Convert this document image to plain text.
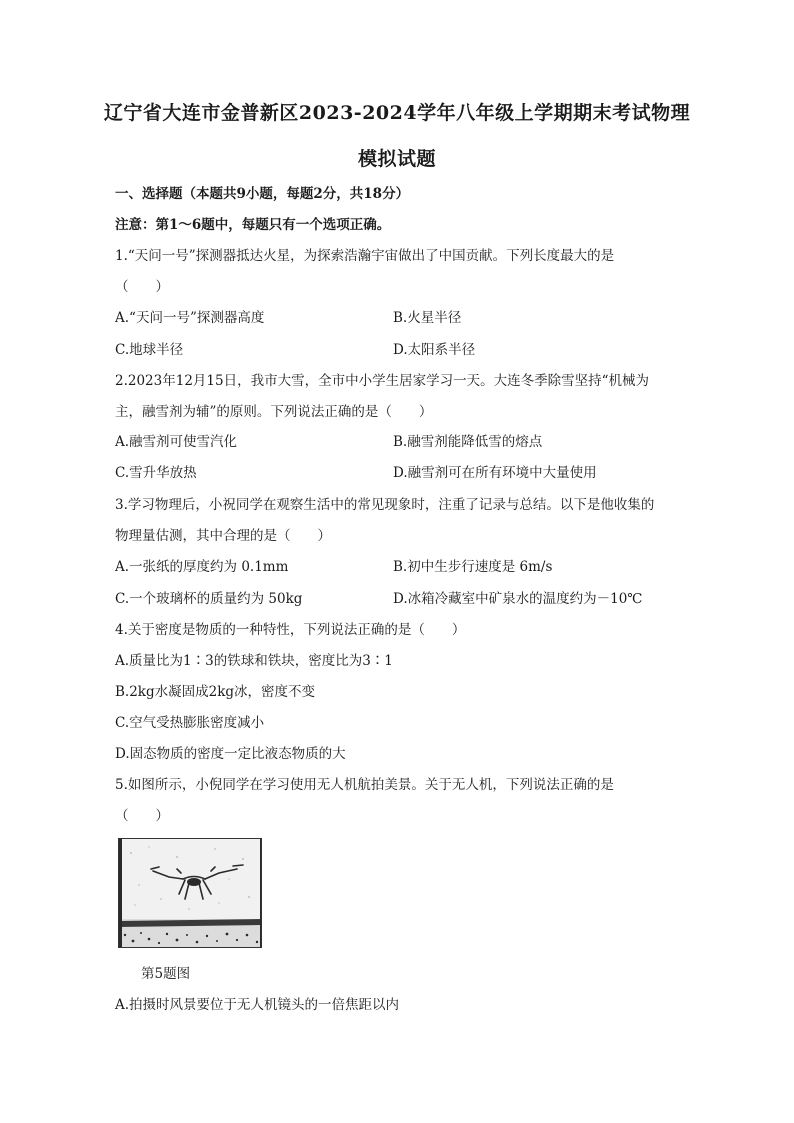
辽宁省大连市金普新区2023-2024学年八年级上学期期末考试物理
模拟试题
一、选择题（本题共9小题，每题2分，共18分）
注意：第1～6题中，每题只有一个选项正确。
1.“天问一号”探测器抵达火星，为探索浩瀚宇宙做出了中国贡献。下列长度最大的是
（　　）
A.“天问一号”探测器高度	B.火星半径
C.地球半径	D.太阳系半径
2.2023年12月15日，我市大雪，全市中小学生居家学习一天。大连冬季除雪坚持“机械为
主，融雪剂为辅”的原则。下列说法正确的是（　　）
A.融雪剂可使雪汽化	B.融雪剂能降低雪的熔点
C.雪升华放热	D.融雪剂可在所有环境中大量使用
3.学习物理后，小祝同学在观察生活中的常见现象时，注重了记录与总结。以下是他收集的
物理量估测，其中合理的是（　　）
A.一张纸的厚度约为 0.1mm	B.初中生步行速度是 6m/s
C.一个玻璃杯的质量约为 50kg	D.冰箱冷藏室中矿泉水的温度约为－10℃
4.关于密度是物质的一种特性，下列说法正确的是（　　）
A.质量比为1∶3的铁球和铁块，密度比为3∶1
B.2kg水凝固成2kg冰，密度不变
C.空气受热膨胀密度减小
D.固态物质的密度一定比液态物质的大
5.如图所示，小倪同学在学习使用无人机航拍美景。关于无人机，下列说法正确的是
（　　）
第5题图
A.拍摄时风景要位于无人机镜头的一倍焦距以内
